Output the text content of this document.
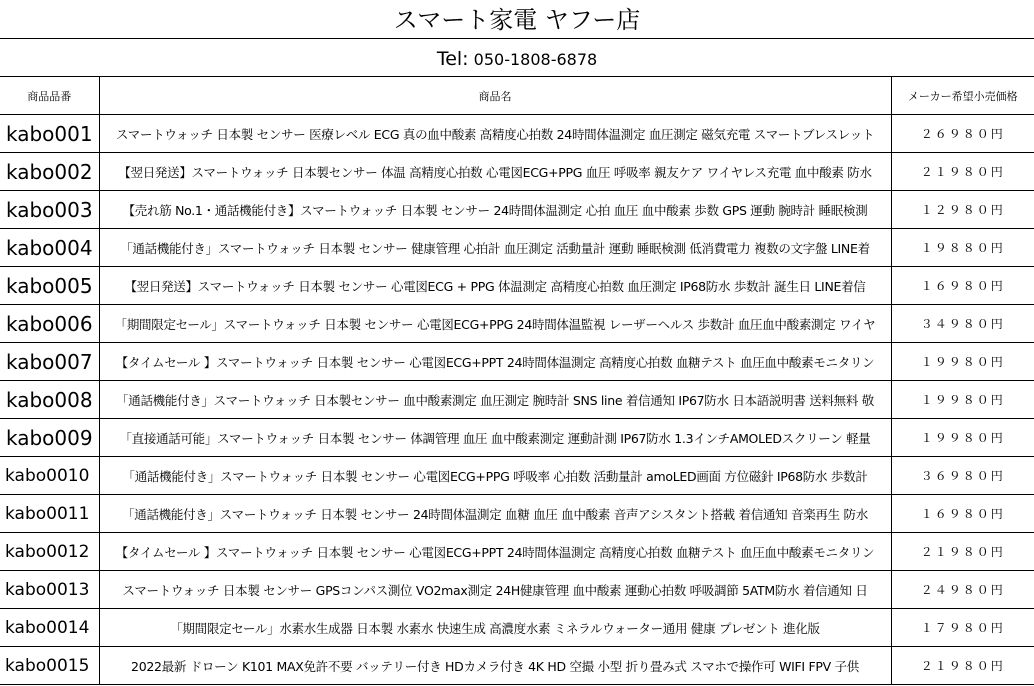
スマート家電 ヤフー店
Tel: 050-1808-6878
商品品番	商品名	メーカー希望小売価格
kabo001	スマートウォッチ 日本製 センサー 医療レベル ECG 真の血中酸素 高精度心拍数 24時間体温測定 血圧測定 磁気充電 スマートブレスレット	２６９８０円
kabo002	【翌日発送】スマートウォッチ 日本製センサー 体温 高精度心拍数 心電図ECG+PPG 血圧 呼吸率 親友ケア ワイヤレス充電 血中酸素 防水	２１９８０円
kabo003	【売れ筋 No.1・通話機能付き】スマートウォッチ 日本製 センサー 24時間体温測定 心拍 血圧 血中酸素 歩数 GPS 運動 腕時計 睡眠検測	１２９８０円
kabo004	「通話機能付き」スマートウォッチ 日本製 センサー 健康管理 心拍計 血圧測定 活動量計 運動 睡眠検測 低消費電力 複数の文字盤 LINE着	１９８８０円
kabo005	【翌日発送】スマートウォッチ 日本製 センサー 心電図ECG + PPG 体温測定 高精度心拍数 血圧測定 IP68防水 歩数計 誕生日 LINE着信	１６９８０円
kabo006	「期間限定セール」スマートウォッチ 日本製 センサー 心電図ECG+PPG 24時間体温監視 レーザーヘルス 歩数計 血圧血中酸素測定 ワイヤ	３４９８０円
kabo007	【タイムセール 】スマートウォッチ 日本製 センサー 心電図ECG+PPT 24時間体温測定 高精度心拍数 血糖テスト 血圧血中酸素モニタリン	１９９８０円
kabo008	「通話機能付き」スマートウォッチ 日本製センサー 血中酸素測定 血圧測定 腕時計 SNS line 着信通知 IP67防水 日本語説明書 送料無料 敬	１９９８０円
kabo009	「直接通話可能」スマートウォッチ 日本製 センサー 体調管理 血圧 血中酸素測定 運動計測 IP67防水 1.3インチAMOLEDスクリーン 軽量	１９９８０円
kabo0010	「通話機能付き」スマートウォッチ 日本製 センサー 心電図ECG+PPG 呼吸率 心拍数 活動量計 amoLED画面 方位磁針 IP68防水 歩数計	３６９８０円
kabo0011	「通話機能付き」スマートウォッチ 日本製 センサー 24時間体温測定 血糖 血圧 血中酸素 音声アシスタント搭載 着信通知 音楽再生 防水	１６９８０円
kabo0012	【タイムセール 】スマートウォッチ 日本製 センサー 心電図ECG+PPT 24時間体温測定 高精度心拍数 血糖テスト 血圧血中酸素モニタリン	２１９８０円
kabo0013	スマートウォッチ 日本製 センサー GPSコンパス測位 VO2max測定 24H健康管理 血中酸素 運動心拍数 呼吸調節 5ATM防水 着信通知 日	２４９８０円
kabo0014	「期間限定セール」水素水生成器 日本製 水素水 快速生成 高濃度水素 ミネラルウォーター通用 健康 プレゼント 進化版	１７９８０円
kabo0015	2022最新 ドローン K101 MAX免許不要 バッテリー付き HDカメラ付き 4K HD 空撮 小型 折り畳み式 スマホで操作可 WIFI FPV 子供	２１９８０円
